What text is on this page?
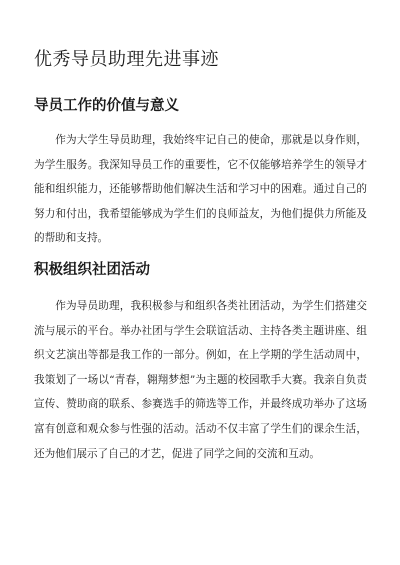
优秀导员助理先进事迹
导员工作的价值与意义

作为大学生导员助理，我始终牢记自己的使命，那就是以身作则，为学生服务。我深知导员工作的重要性，它不仅能够培养学生的领导才能和组织能力，还能够帮助他们解决生活和学习中的困难。通过自己的努力和付出，我希望能够成为学生们的良师益友，为他们提供力所能及的帮助和支持。

积极组织社团活动

作为导员助理，我积极参与和组织各类社团活动，为学生们搭建交流与展示的平台。举办社团与学生会联谊活动、主持各类主题讲座、组织文艺演出等都是我工作的一部分。例如，在上学期的学生活动周中，我策划了一场以“青春，翱翔梦想”为主题的校园歌手大赛。我亲自负责宣传、赞助商的联系、参赛选手的筛选等工作，并最终成功举办了这场富有创意和观众参与性强的活动。活动不仅丰富了学生们的课余生活，还为他们展示了自己的才艺，促进了同学之间的交流和互动。
